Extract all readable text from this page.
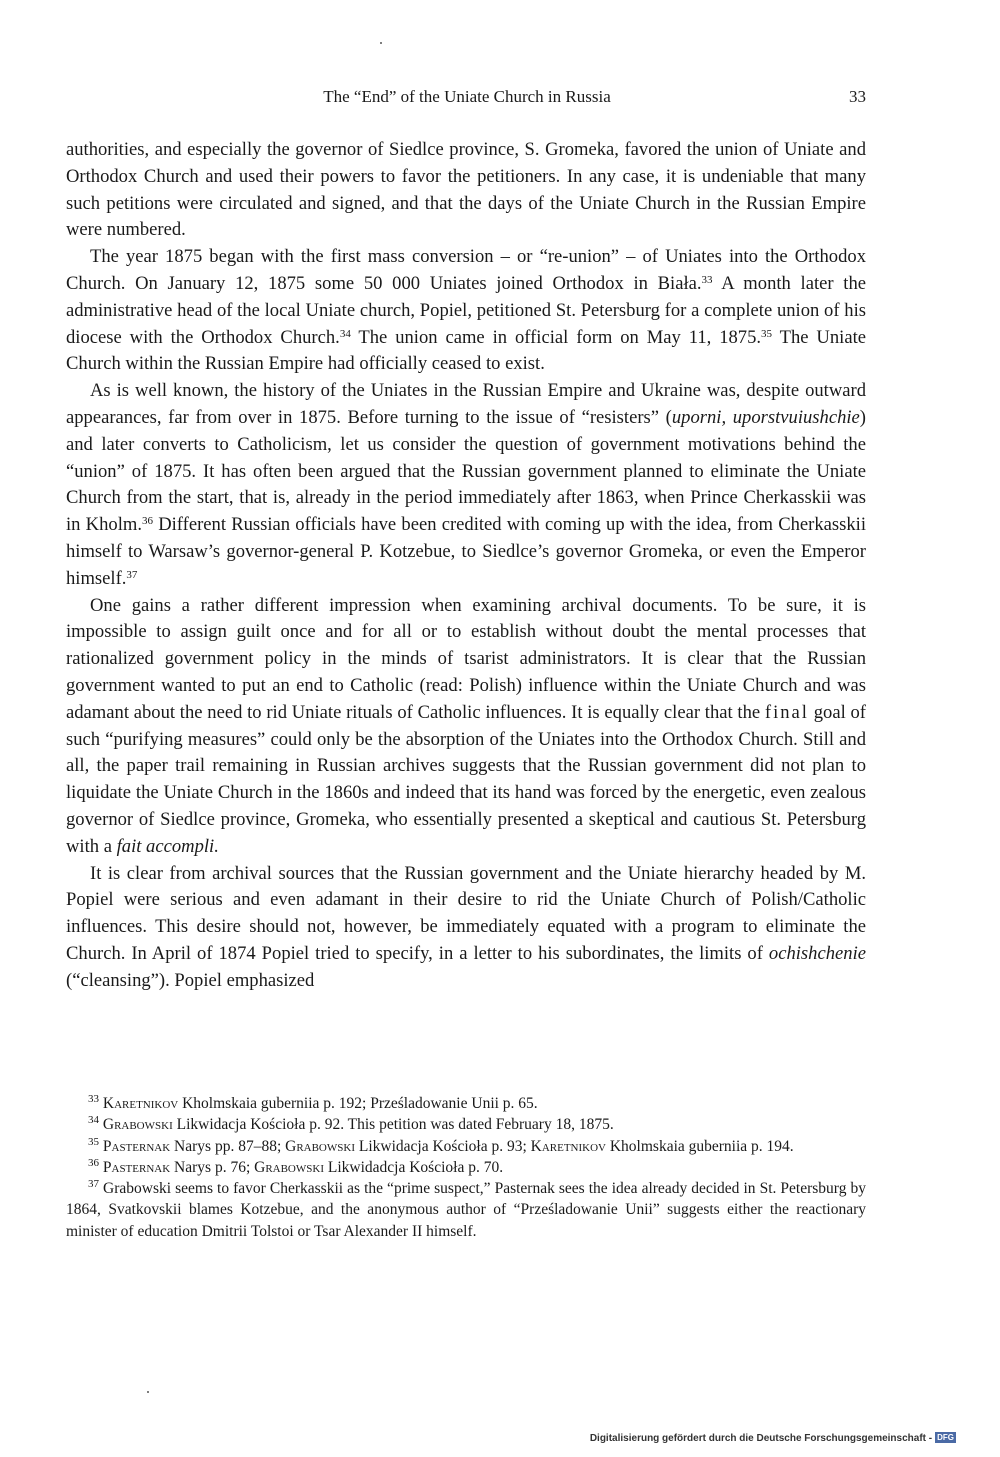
The “End” of the Uniate Church in Russia	33

authorities, and especially the governor of Siedlce province, S. Gromeka, favored the union of Uniate and Orthodox Church and used their powers to favor the petitioners. In any case, it is undeniable that many such petitions were circulated and signed, and that the days of the Uniate Church in the Russian Empire were numbered.

The year 1875 began with the first mass conversion – or “re-union” – of Uniates into the Orthodox Church. On January 12, 1875 some 50 000 Uniates joined Orthodox in Biała.$^{33}$ A month later the administrative head of the local Uniate church, Popiel, petitioned St. Petersburg for a complete union of his diocese with the Orthodox Church.$^{34}$ The union came in official form on May 11, 1875.35 The Uniate Church within the Russian Empire had officially ceased to exist.

As is well known, the history of the Uniates in the Russian Empire and Ukraine was, despite outward appearances, far from over in 1875. Before turning to the issue of “resisters” (uporni, uporstvuiushchie) and later converts to Catholicism, let us consider the question of government motivations behind the “union” of 1875. It has often been argued that the Russian government planned to eliminate the Uniate Church from the start, that is, already in the period immediately after 1863, when Prince Cherkasskii was in Kholm.$^{36}$ Different Russian officials have been credited with coming up with the idea, from Cherkasskii himself to Warsaw’s governor-general P. Kotzebue, to Siedlce’s governor Gromeka, or even the Emperor himself.$^{37}$

One gains a rather different impression when examining archival documents. To be sure, it is impossible to assign guilt once and for all or to establish without doubt the mental processes that rationalized government policy in the minds of tsarist administrators. It is clear that the Russian government wanted to put an end to Catholic (read: Polish) influence within the Uniate Church and was adamant about the need to rid Uniate rituals of Catholic influences. It is equally clear that the final goal of such “purifying measures” could only be the absorption of the Uniates into the Orthodox Church. Still and all, the paper trail remaining in Russian archives suggests that the Russian government did not plan to liquidate the Uniate Church in the 1860s and indeed that its hand was forced by the energetic, even zealous governor of Siedlce province, Gromeka, who essentially presented a skeptical and cautious St. Petersburg with a fait accompli.

It is clear from archival sources that the Russian government and the Uniate hierarchy headed by M. Popiel were serious and even adamant in their desire to rid the Uniate Church of Polish/Catholic influences. This desire should not, however, be immediately equated with a program to eliminate the Church. In April of 1874 Popiel tried to specify, in a letter to his subordinates, the limits of ochishchenie (“cleansing”). Popiel emphasized

$^{33}$ Karetnikov Kholmskaia guberniia p. 192; Prześladowanie Unii p. 65.

$^{34}$ Grabowski Likwidacja Kościoła p. 92. This petition was dated February 18, 1875.

$^{35}$ Pasternak Narys pp. 87–88; Grabowski Likwidacja Kościoła p. 93; Karetnikov Kholmskaia guberniia p. 194.

$^{36}$ Pasternak Narys p. 76; Grabowski Likwidadcja Kościoła p. 70.

$^{37}$ Grabowski seems to favor Cherkasskii as the “prime suspect,” Pasternak sees the idea already decided in St. Petersburg by 1864, Svatkovskii blames Kotzebue, and the anonymous author of “Prześladowanie Unii” suggests either the reactionary minister of education Dmitrii Tolstoi or Tsar Alexander II himself.

Digitalisierung gefördert durch die Deutsche Forschungsgemeinschaft - DFG
